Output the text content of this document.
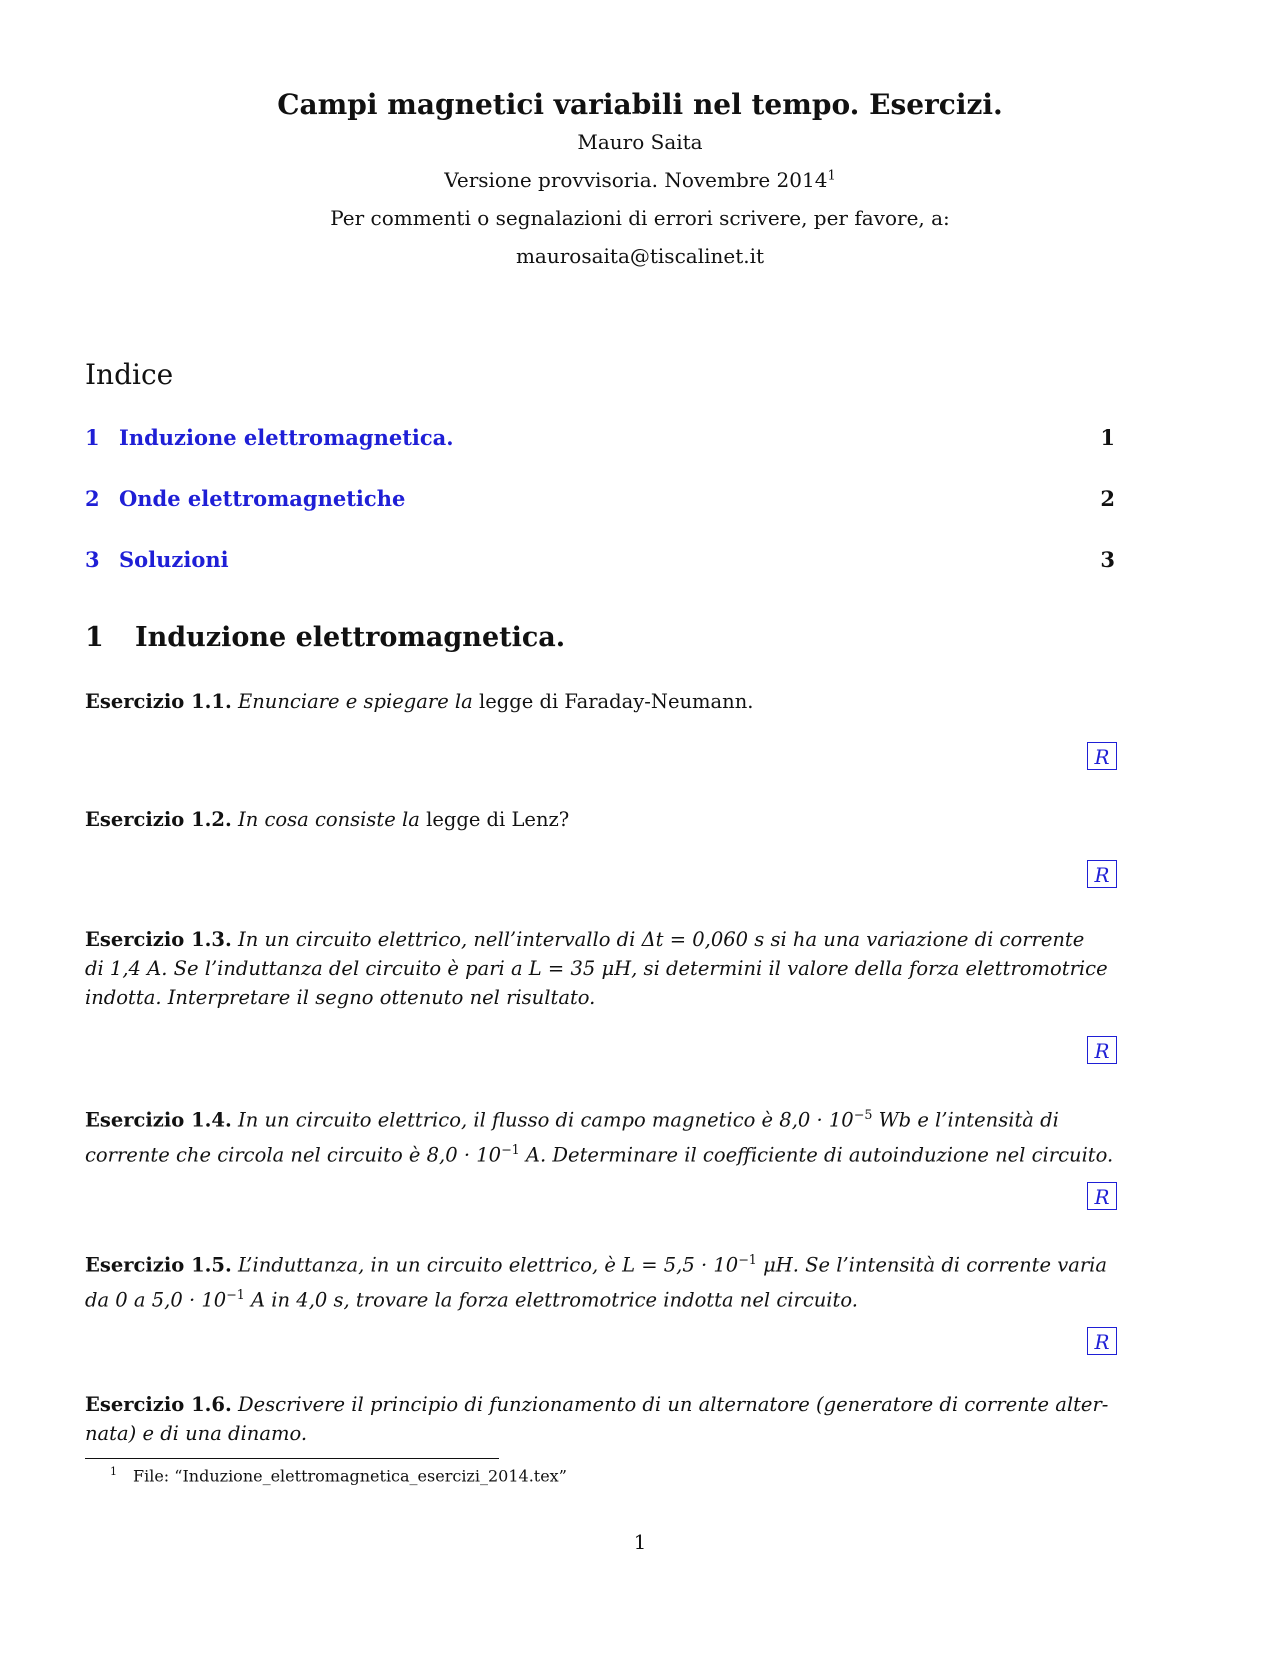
Campi magnetici variabili nel tempo. Esercizi.
Mauro Saita
Versione provvisoria. Novembre 2014$^1$
Per commenti o segnalazioni di errori scrivere, per favore, a:
maurosaita@tiscalinet.it
Indice
1 Induzione elettromagnetica.	1
2 Onde elettromagnetiche	2
3 Soluzioni	3
1 Induzione elettromagnetica.
Esercizio 1.1. Enunciare e spiegare la legge di Faraday-Neumann.
R
Esercizio 1.2. In cosa consiste la legge di Lenz?
R
Esercizio 1.3. In un circuito elettrico, nell’intervallo di Δt = 0,060 s si ha una variazione di corrente
di 1,4 A. Se l’induttanza del circuito è pari a L = 35 μH, si determini il valore della forza elettromotrice
indotta. Interpretare il segno ottenuto nel risultato.
R
Esercizio 1.4. In un circuito elettrico, il flusso di campo magnetico è $8,0 \cdot 10^{-5}$ Wb e l’intensità di
corrente che circola nel circuito è $8,0 \cdot 10^{-1}$ A. Determinare il coefficiente di autoinduzione nel circuito.
R
Esercizio 1.5. L’induttanza, in un circuito elettrico, è $L = 5,5 \cdot 10^{-1}$ μH. Se l’intensità di corrente varia
da 0 a $5,0 \cdot 10^{-1}$ A in 4,0 s, trovare la forza elettromotrice indotta nel circuito.
R
Esercizio 1.6. Descrivere il principio di funzionamento di un alternatore (generatore di corrente alter-
nata) e di una dinamo.
$^1$ File: “Induzione_elettromagnetica_esercizi_2014.tex”
1
